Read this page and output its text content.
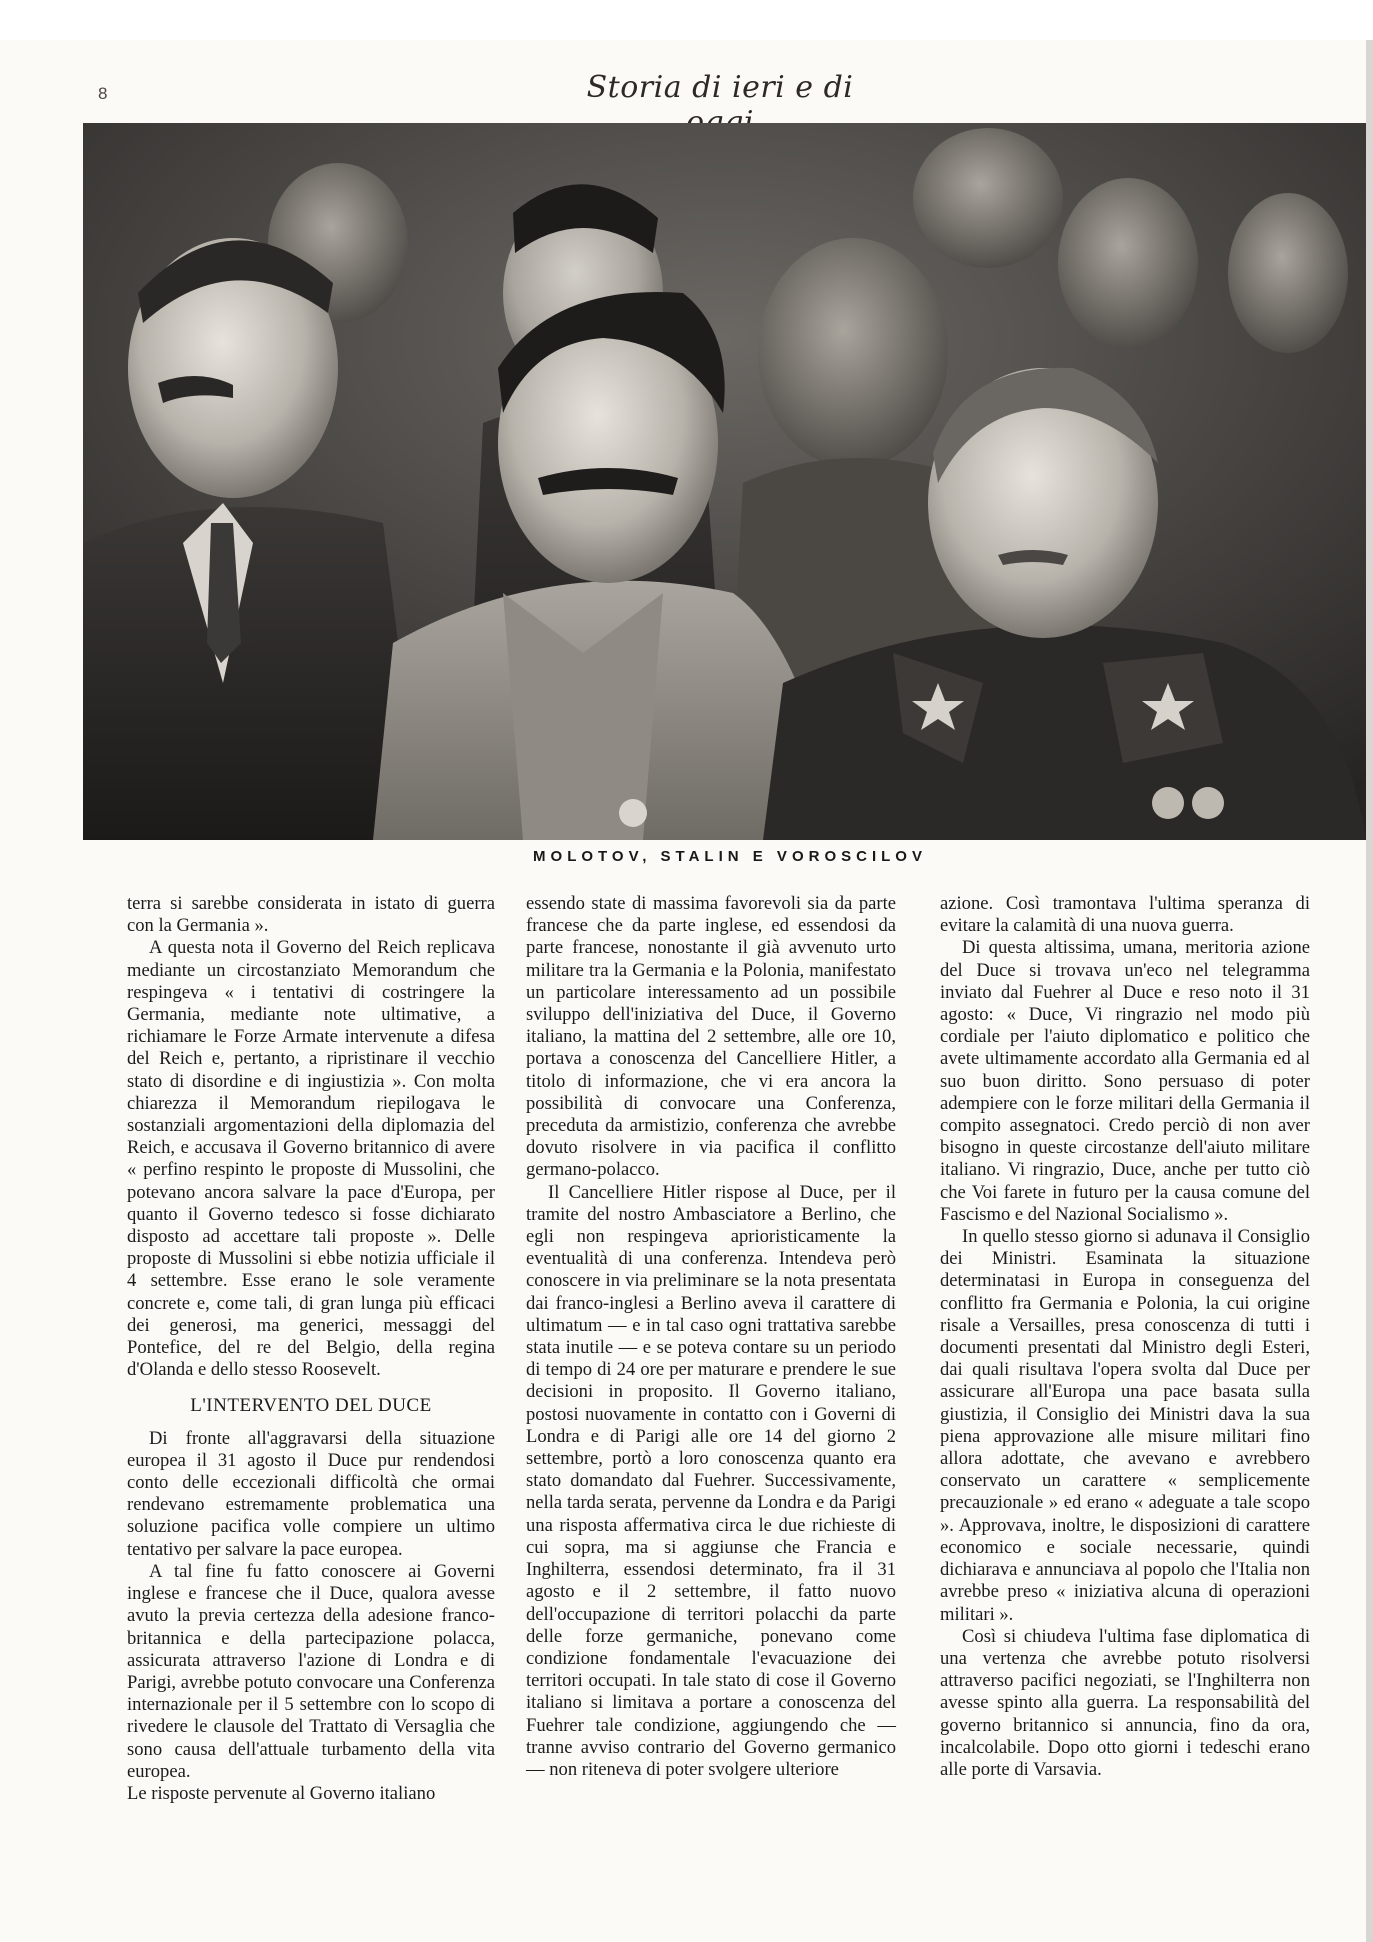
8	Storia di ieri e di
MOLOTOV, STALIN E VOROSCILOV

terra si sarebbe considerata in istato di guerra con la Germania ».

A questa nota il Governo del Reich replicava mediante un circostanziato Memorandum che respingeva « i tentativi di costringere la Germania, mediante note ultimative, a richiamare le Forze Armate intervenute a difesa del Reich e, pertanto, a ripristinare il vecchio stato di disordine e di ingiustizia ». Con molta chiarezza il Memorandum riepilogava le sostanziali argomentazioni della diplomazia del Reich, e accusava il Governo britannico di avere « perfino respinto le proposte di Mussolini, che potevano ancora salvare la pace d'Europa, per quanto il Governo tedesco si fosse dichiarato disposto ad accettare tali proposte ». Delle proposte di Mussolini si ebbe notizia ufficiale il 4 settembre. Esse erano le sole veramente concrete e, come tali, di gran lunga più efficaci dei generosi, ma generici, messaggi del Pontefice, del re del Belgio, della regina d'Olanda e dello stesso Roosevelt.

L'INTERVENTO DEL DUCE

Di fronte all'aggravarsi della situazione europea il 31 agosto il Duce pur rendendosi conto delle eccezionali difficoltà che ormai rendevano estremamente problematica una soluzione pacifica volle compiere un ultimo tentativo per salvare la pace europea.

A tal fine fu fatto conoscere ai Governi inglese e francese che il Duce, qualora avesse avuto la previa certezza della adesione franco-britannica e della partecipazione polacca, assicurata attraverso l'azione di Londra e di Parigi, avrebbe potuto convocare una Conferenza internazionale per il 5 settembre con lo scopo di rivedere le clausole del Trattato di Versaglia che sono causa dell'attuale turbamento della vita europea.

Le risposte pervenute al Governo italiano

essendo state di massima favorevoli sia da parte francese che da parte inglese, ed essendosi da parte francese, nonostante il già avvenuto urto militare tra la Germania e la Polonia, manifestato un particolare interessamento ad un possibile sviluppo dell'iniziativa del Duce, il Governo italiano, la mattina del 2 settembre, alle ore 10, portava a conoscenza del Cancelliere Hitler, a titolo di informazione, che vi era ancora la possibilità di convocare una Conferenza, preceduta da armistizio, conferenza che avrebbe dovuto risolvere in via pacifica il conflitto germano-polacco.

Il Cancelliere Hitler rispose al Duce, per il tramite del nostro Ambasciatore a Berlino, che egli non respingeva aprioristicamente la eventualità di una conferenza. Intendeva però conoscere in via preliminare se la nota presentata dai franco-inglesi a Berlino aveva il carattere di ultimatum — e in tal caso ogni trattativa sarebbe stata inutile — e se poteva contare su un periodo di tempo di 24 ore per maturare e prendere le sue decisioni in proposito. Il Governo italiano, postosi nuovamente in contatto con i Governi di Londra e di Parigi alle ore 14 del giorno 2 settembre, portò a loro conoscenza quanto era stato domandato dal Fuehrer. Successivamente, nella tarda serata, pervenne da Londra e da Parigi una risposta affermativa circa le due richieste di cui sopra, ma si aggiunse che Francia e Inghilterra, essendosi determinato, fra il 31 agosto e il 2 settembre, il fatto nuovo dell'occupazione di territori polacchi da parte delle forze germaniche, ponevano come condizione fondamentale l'evacuazione dei territori occupati. In tale stato di cose il Governo italiano si limitava a portare a conoscenza del Fuehrer tale condizione, aggiungendo che — tranne avviso contrario del Governo germanico — non riteneva di poter svolgere ulteriore

azione. Così tramontava l'ultima speranza di evitare la calamità di una nuova guerra.

Di questa altissima, umana, meritoria azione del Duce si trovava un'eco nel telegramma inviato dal Fuehrer al Duce e reso noto il 31 agosto: « Duce, Vi ringrazio nel modo più cordiale per l'aiuto diplomatico e politico che avete ultimamente accordato alla Germania ed al suo buon diritto. Sono persuaso di poter adempiere con le forze militari della Germania il compito assegnatoci. Credo perciò di non aver bisogno in queste circostanze dell'aiuto militare italiano. Vi ringrazio, Duce, anche per tutto ciò che Voi farete in futuro per la causa comune del Fascismo e del Nazional Socialismo ».

In quello stesso giorno si adunava il Consiglio dei Ministri. Esaminata la situazione determinatasi in Europa in conseguenza del conflitto fra Germania e Polonia, la cui origine risale a Versailles, presa conoscenza di tutti i documenti presentati dal Ministro degli Esteri, dai quali risultava l'opera svolta dal Duce per assicurare all'Europa una pace basata sulla giustizia, il Consiglio dei Ministri dava la sua piena approvazione alle misure militari fino allora adottate, che avevano e avrebbero conservato un carattere « semplicemente precauzionale » ed erano « adeguate a tale scopo ». Approvava, inoltre, le disposizioni di carattere economico e sociale necessarie, quindi dichiarava e annunciava al popolo che l'Italia non avrebbe preso « iniziativa alcuna di operazioni militari ».

Così si chiudeva l'ultima fase diplomatica di una vertenza che avrebbe potuto risolversi attraverso pacifici negoziati, se l'Inghilterra non avesse spinto alla guerra. La responsabilità del governo britannico si annuncia, fino da ora, incalcolabile. Dopo otto giorni i tedeschi erano alle porte di Varsavia.
